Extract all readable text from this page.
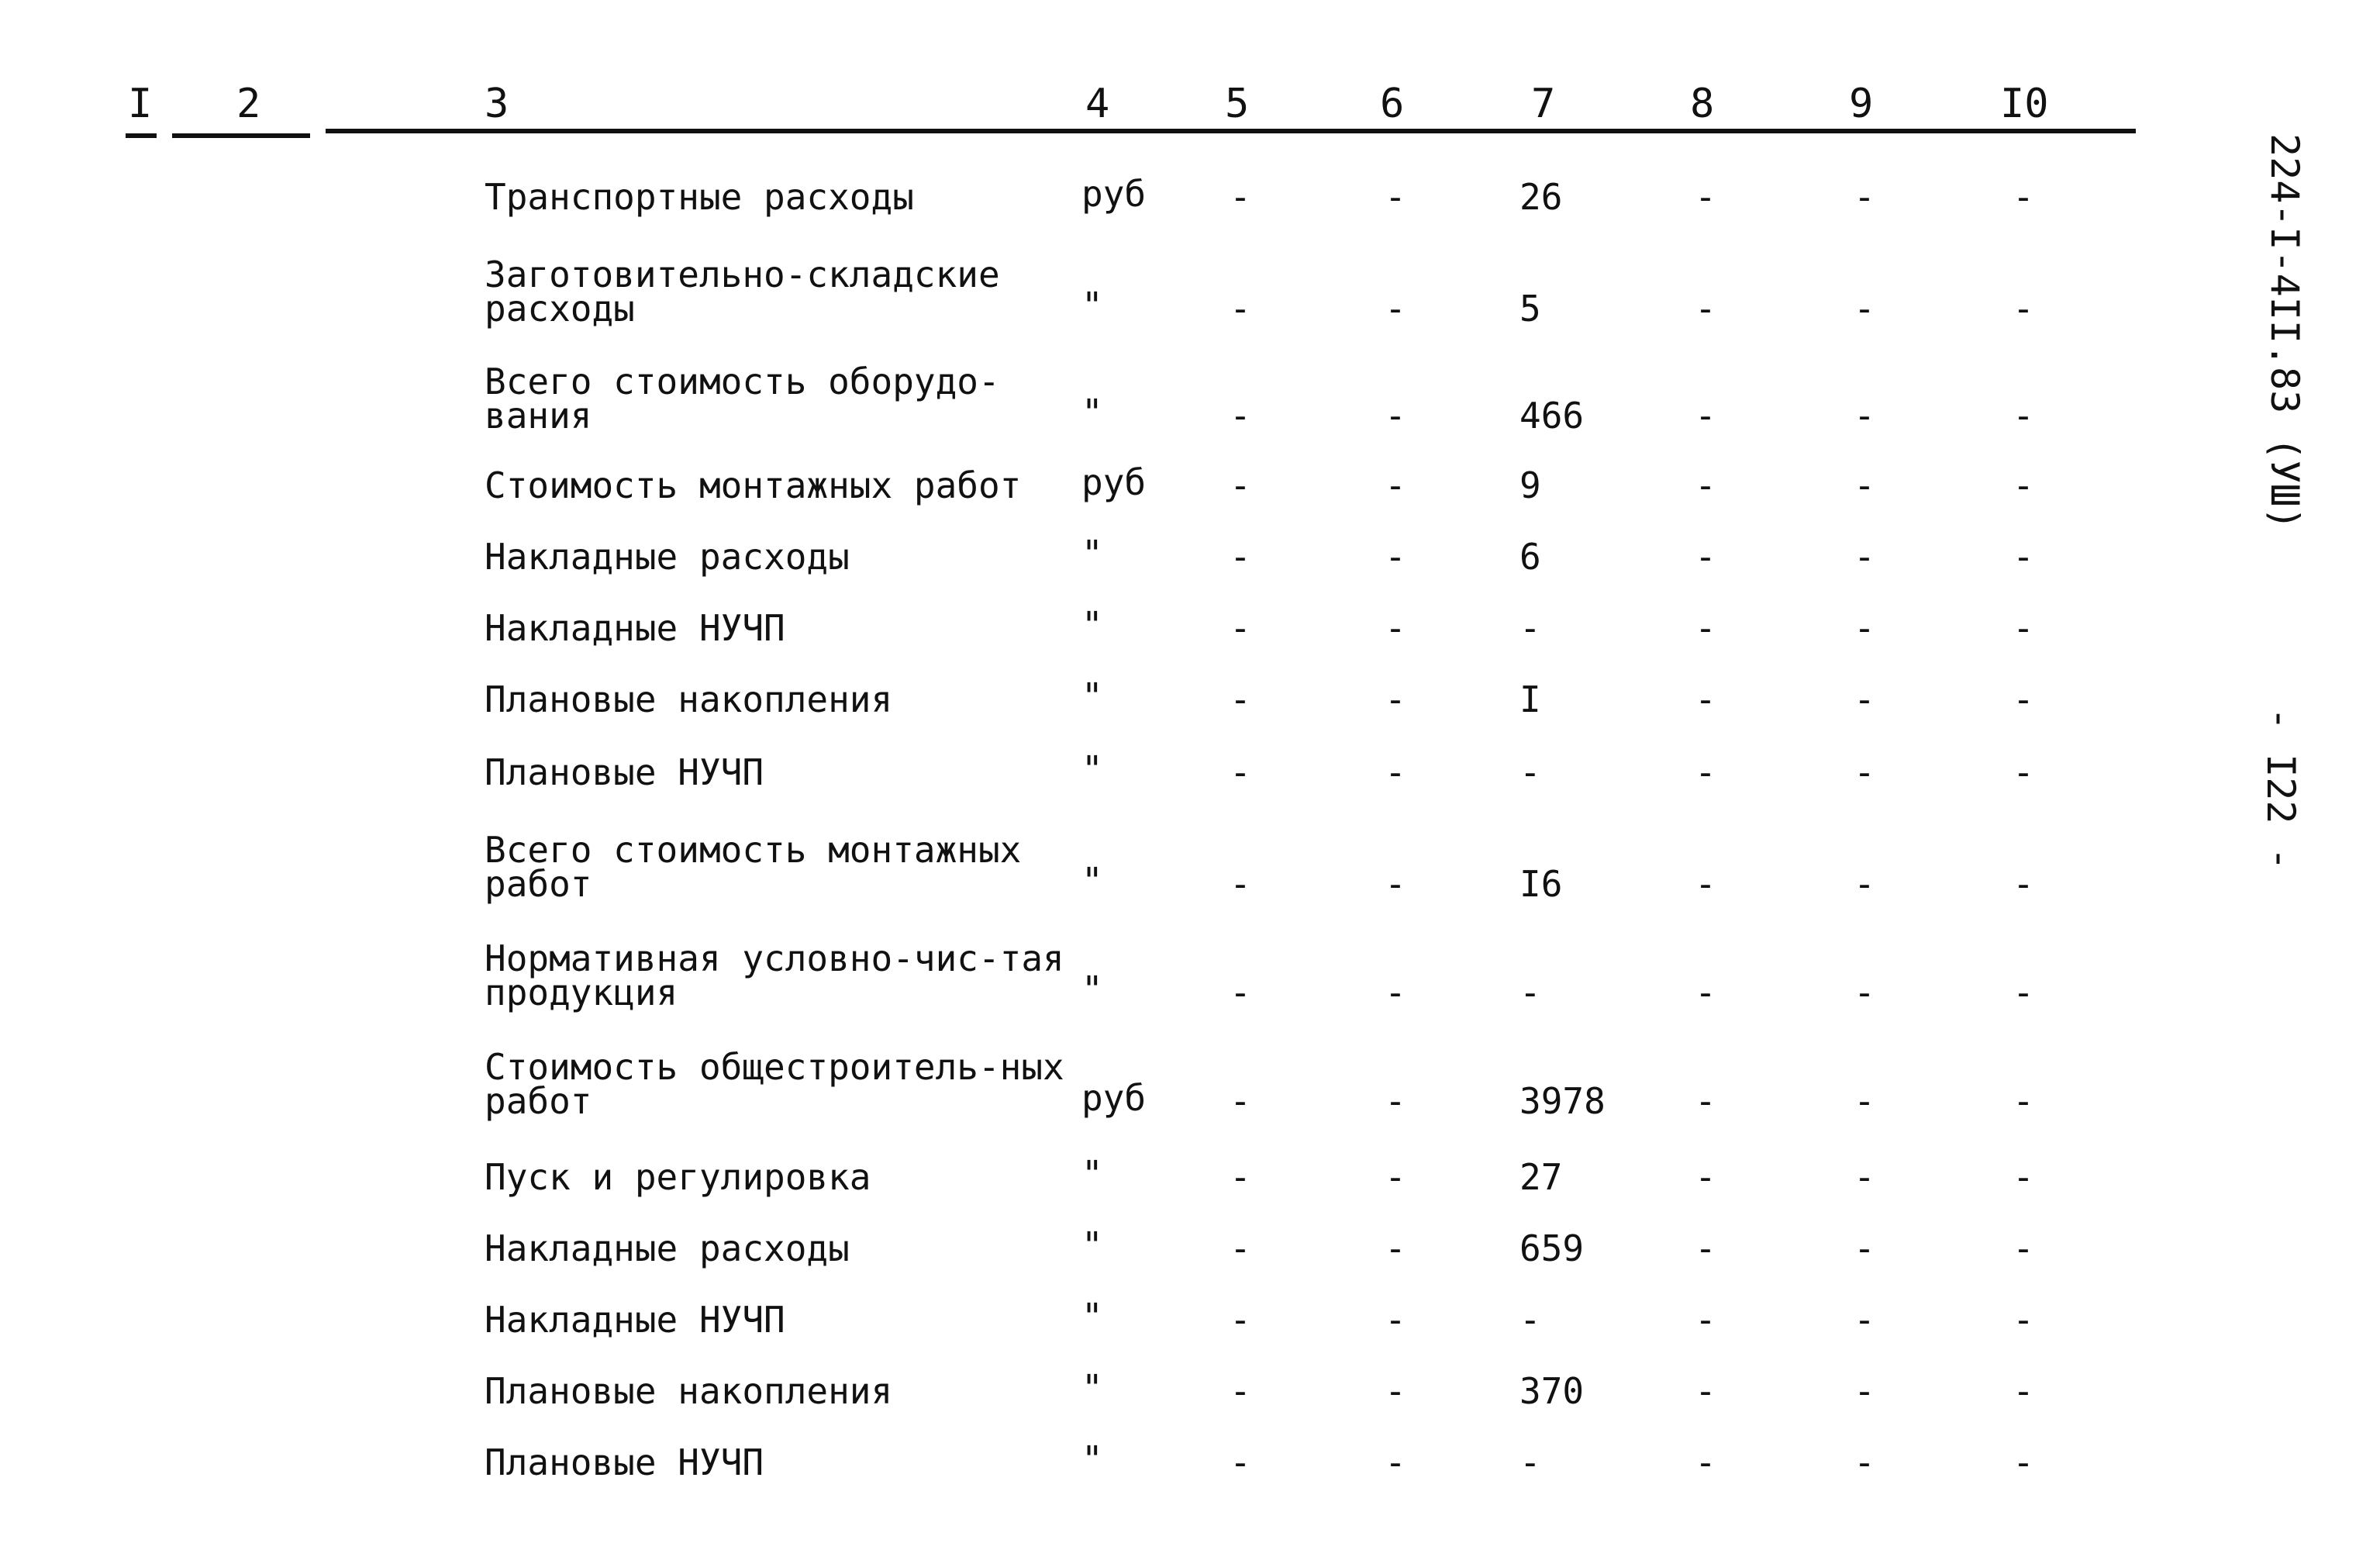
I 2	3	4	5	6	7	8	9	I0
Транспортные расходы	руб	-	-	26	-	-	-
Заготовительно-складские расходы	"	-	-	5	-	-	-
Всего стоимость оборудо-вания	"	-	-	466	-	-	-
Стоимость монтажных работ	руб	-	-	9	-	-	-
Накладные расходы	"	-	-	6	-	-	-
Накладные НУЧП	"	-	-	-	-	-	-
Плановые накопления	"	-	-	I	-	-	-
Плановые НУЧП	"	-	-	-	-	-	-
Всего стоимость монтажных работ	"	-	-	I6	-	-	-
Нормативная условно-чис-тая продукция	"	-	-	-	-	-	-
Стоимость общестроитель-ных работ	руб	-	-	3978	-	-	-
Пуск и регулировка	"	-	-	27	-	-	-
Накладные расходы	"	-	-	659	-	-	-
Накладные НУЧП	"	-	-	-	-	-	-
Плановые накопления	"	-	-	370	-	-	-
Плановые НУЧП	"	-	-	-	-	-	-
224-I-4II.83 (УШ)
- I22 -
